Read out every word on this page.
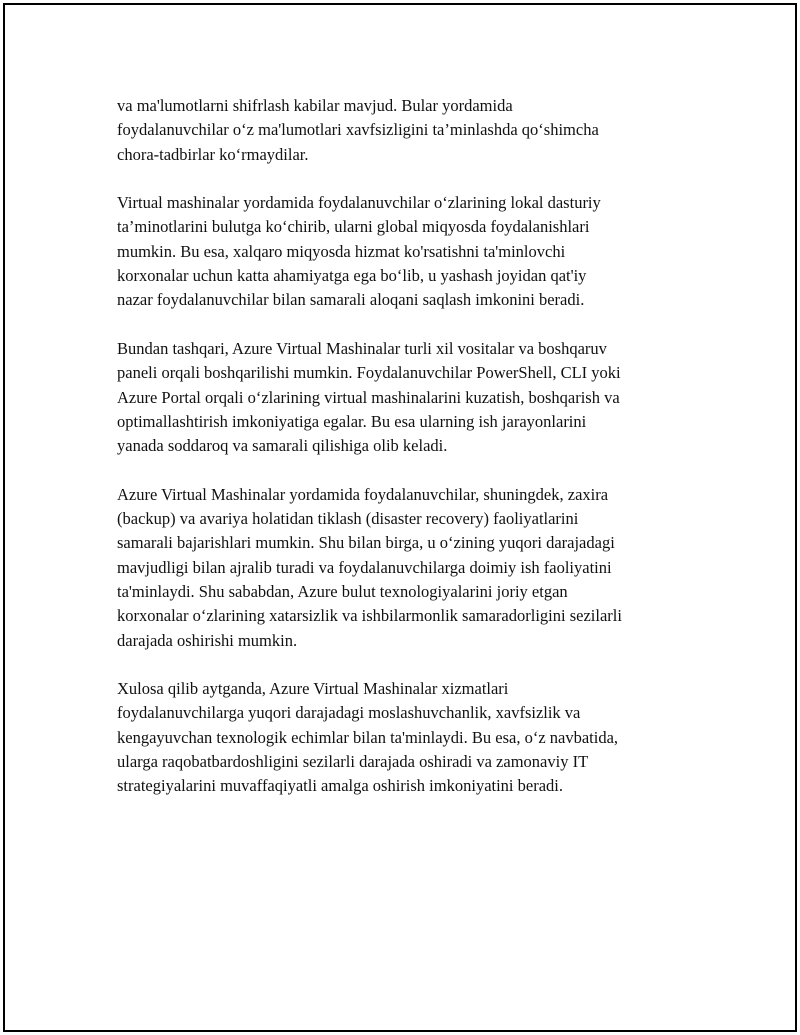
va ma'lumotlarni shifrlash kabilar mavjud. Bular yordamida
foydalanuvchilar o‘z ma'lumotlari xavfsizligini ta’minlashda qo‘shimcha
chora-tadbirlar ko‘rmaydilar.

Virtual mashinalar yordamida foydalanuvchilar o‘zlarining lokal dasturiy
ta’minotlarini bulutga ko‘chirib, ularni global miqyosda foydalanishlari
mumkin. Bu esa, xalqaro miqyosda hizmat ko'rsatishni ta'minlovchi
korxonalar uchun katta ahamiyatga ega bo‘lib, u yashash joyidan qat'iy
nazar foydalanuvchilar bilan samarali aloqani saqlash imkonini beradi.

Bundan tashqari, Azure Virtual Mashinalar turli xil vositalar va boshqaruv
paneli orqali boshqarilishi mumkin. Foydalanuvchilar PowerShell, CLI yoki
Azure Portal orqali o‘zlarining virtual mashinalarini kuzatish, boshqarish va
optimallashtirish imkoniyatiga egalar. Bu esa ularning ish jarayonlarini
yanada soddaroq va samarali qilishiga olib keladi.

Azure Virtual Mashinalar yordamida foydalanuvchilar, shuningdek, zaxira
(backup) va avariya holatidan tiklash (disaster recovery) faoliyatlarini
samarali bajarishlari mumkin. Shu bilan birga, u o‘zining yuqori darajadagi
mavjudligi bilan ajralib turadi va foydalanuvchilarga doimiy ish faoliyatini
ta'minlaydi. Shu sababdan, Azure bulut texnologiyalarini joriy etgan
korxonalar o‘zlarining xatarsizlik va ishbilarmonlik samaradorligini sezilarli
darajada oshirishi mumkin.

Xulosa qilib aytganda, Azure Virtual Mashinalar xizmatlari
foydalanuvchilarga yuqori darajadagi moslashuvchanlik, xavfsizlik va
kengayuvchan texnologik echimlar bilan ta'minlaydi. Bu esa, o‘z navbatida,
ularga raqobatbardoshligini sezilarli darajada oshiradi va zamonaviy IT
strategiyalarini muvaffaqiyatli amalga oshirish imkoniyatini beradi.
